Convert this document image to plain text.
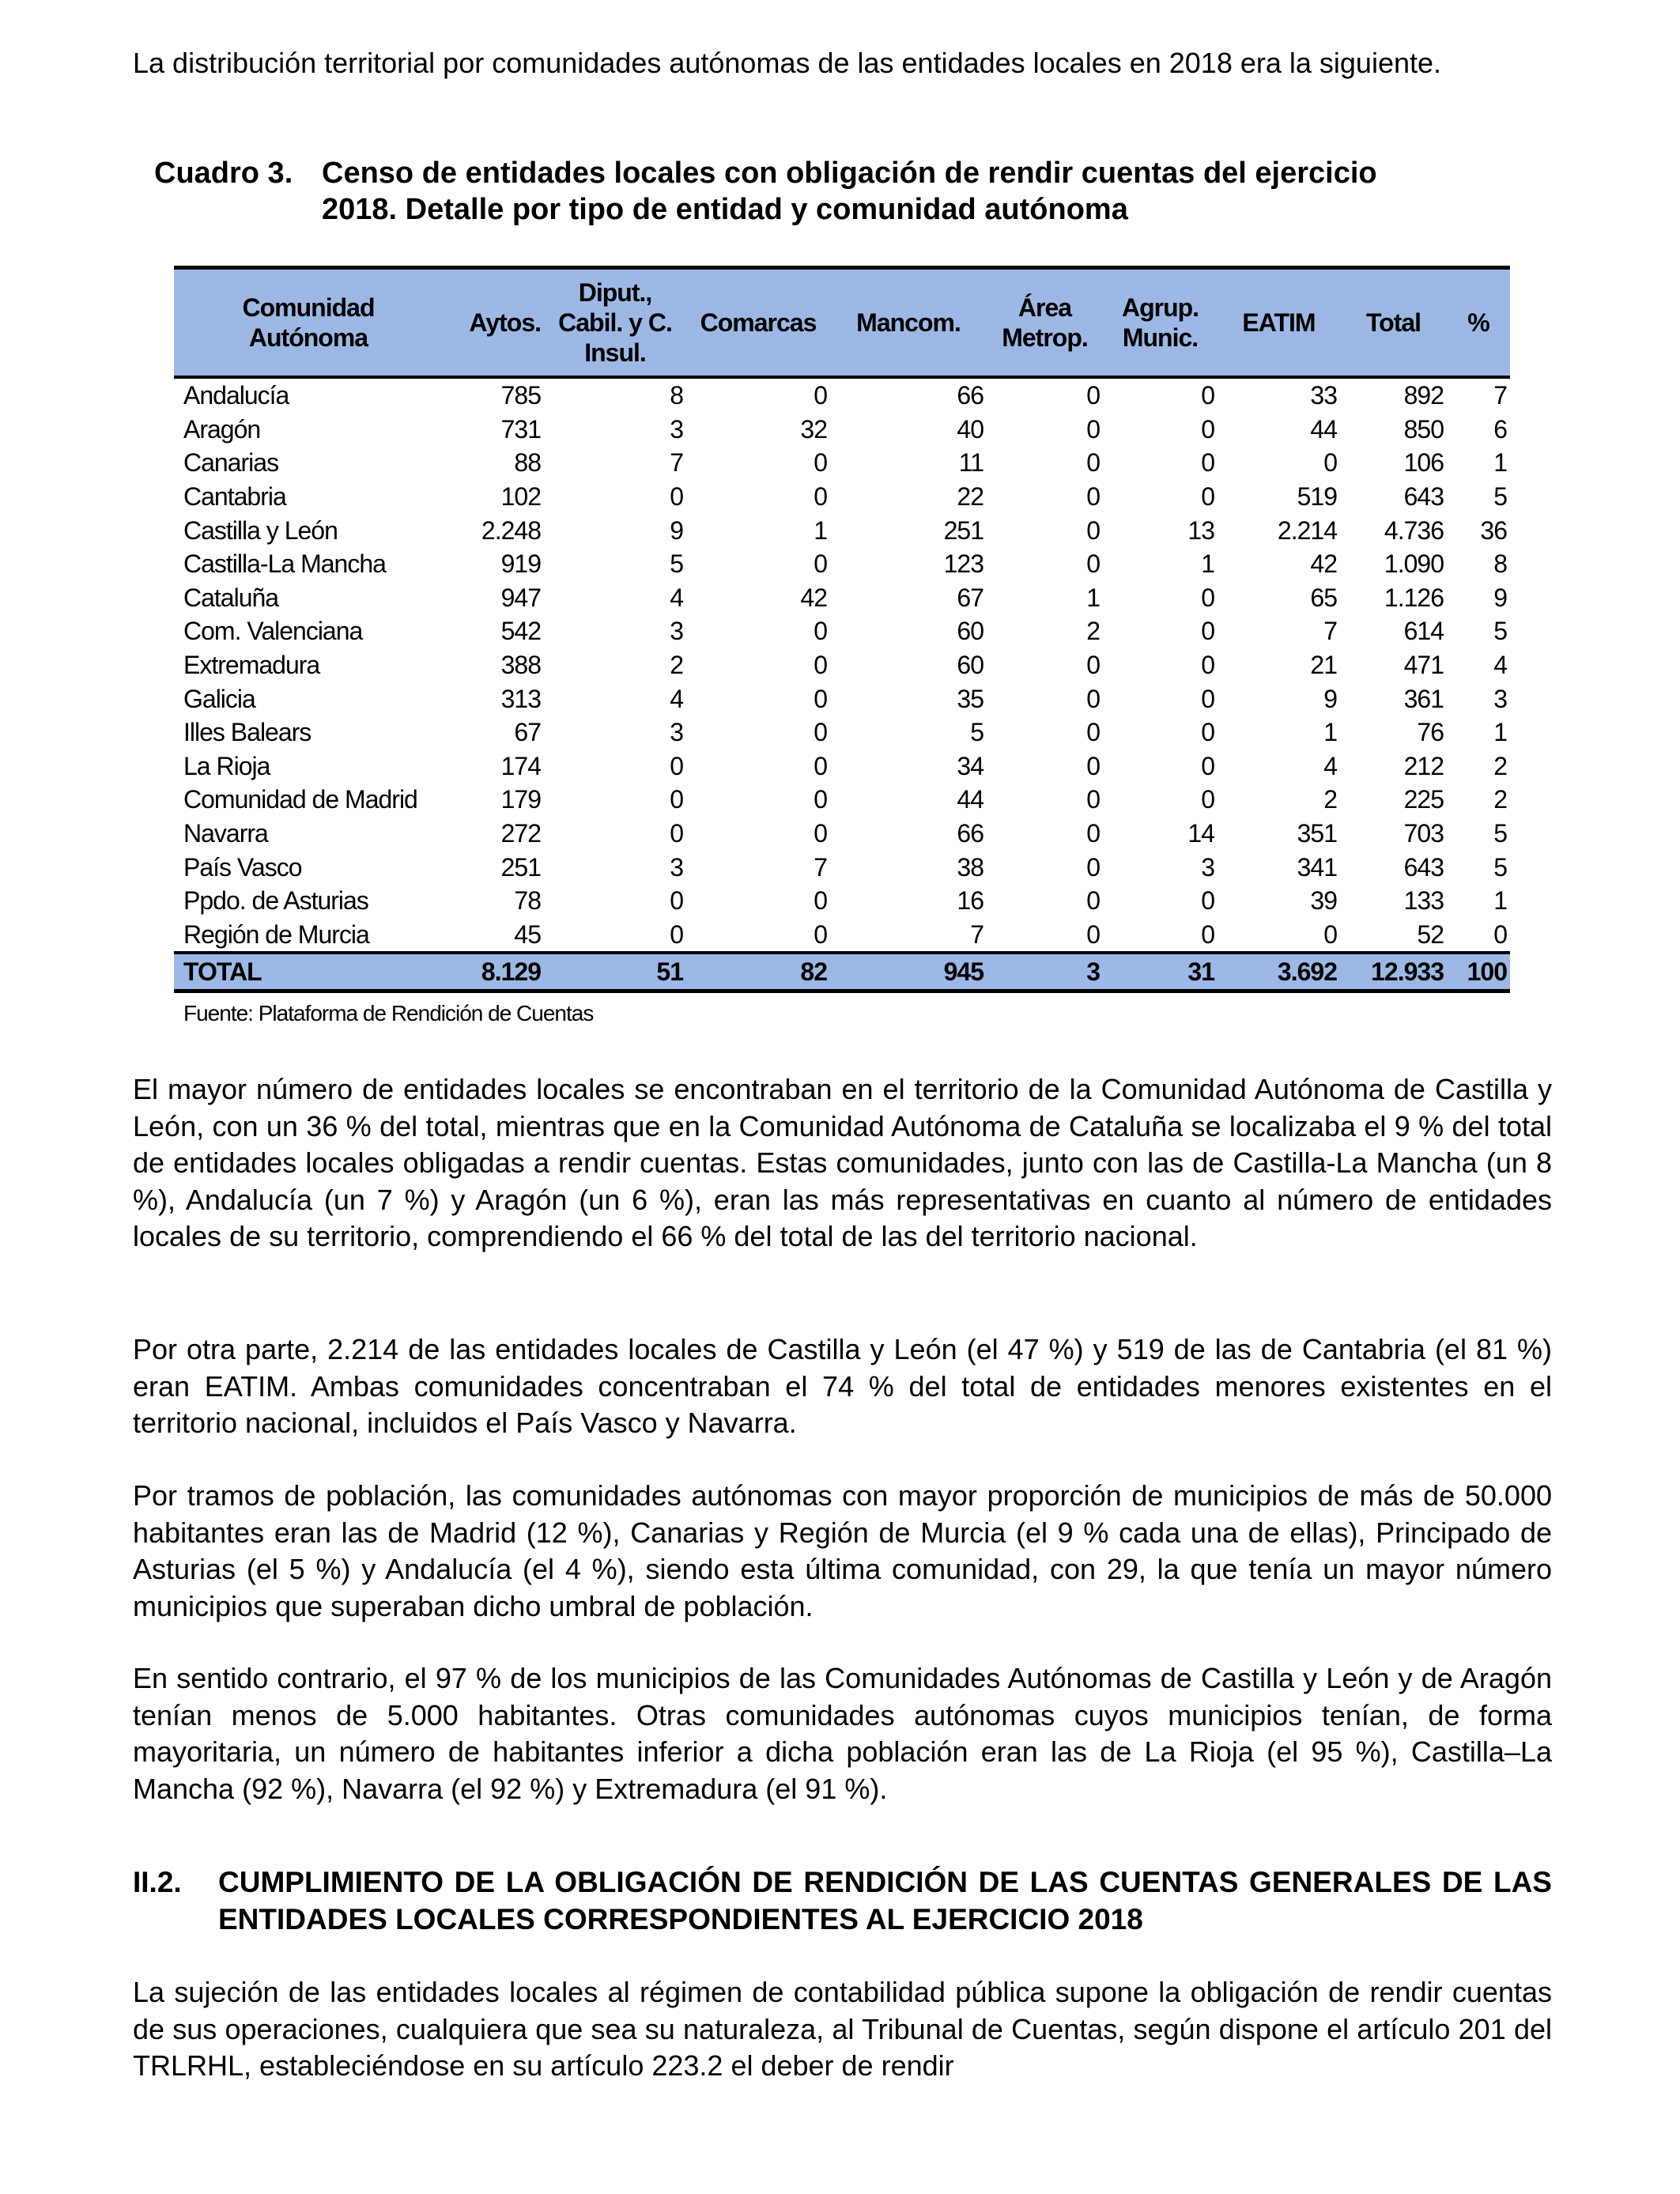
La distribución territorial por comunidades autónomas de las entidades locales en 2018 era la siguiente.

Cuadro 3. Censo de entidades locales con obligación de rendir cuentas del ejercicio
2018. Detalle por tipo de entidad y comunidad autónoma
Comunidad Autónoma	Aytos.	Diput., Cabil. y C. Insul.	Comarcas	Mancom.	Área Metrop.	Agrup. Munic.	EATIM	Total	%
Andalucía	785	8	0	66	0	0	33	892	7
Aragón	731	3	32	40	0	0	44	850	6
Canarias	88	7	0	11	0	0	0	106	1
Cantabria	102	0	0	22	0	0	519	643	5
Castilla y León	2.248	9	1	251	0	13	2.214	4.736	36
Castilla-La Mancha	919	5	0	123	0	1	42	1.090	8
Cataluña	947	4	42	67	1	0	65	1.126	9
Com. Valenciana	542	3	0	60	2	0	7	614	5
Extremadura	388	2	0	60	0	0	21	471	4
Galicia	313	4	0	35	0	0	9	361	3
Illes Balears	67	3	0	5	0	0	1	76	1
La Rioja	174	0	0	34	0	0	4	212	2
Comunidad de Madrid	179	0	0	44	0	0	2	225	2
Navarra	272	0	0	66	0	14	351	703	5
País Vasco	251	3	7	38	0	3	341	643	5
Ppdo. de Asturias	78	0	0	16	0	0	39	133	1
Región de Murcia	45	0	0	7	0	0	0	52	0
TOTAL	8.129	51	82	945	3	31	3.692	12.933	100
Fuente: Plataforma de Rendición de Cuentas

El mayor número de entidades locales se encontraban en el territorio de la Comunidad Autónoma de Castilla y León, con un 36 % del total, mientras que en la Comunidad Autónoma de Cataluña se localizaba el 9 % del total de entidades locales obligadas a rendir cuentas. Estas comunidades, junto con las de Castilla-La Mancha (un 8 %), Andalucía (un 7 %) y Aragón (un 6 %), eran las más representativas en cuanto al número de entidades locales de su territorio, comprendiendo el 66 % del total de las del territorio nacional.

Por otra parte, 2.214 de las entidades locales de Castilla y León (el 47 %) y 519 de las de Cantabria (el 81 %) eran EATIM. Ambas comunidades concentraban el 74 % del total de entidades menores existentes en el territorio nacional, incluidos el País Vasco y Navarra.

Por tramos de población, las comunidades autónomas con mayor proporción de municipios de más de 50.000 habitantes eran las de Madrid (12 %), Canarias y Región de Murcia (el 9 % cada una de ellas), Principado de Asturias (el 5 %) y Andalucía (el 4 %), siendo esta última comunidad, con 29, la que tenía un mayor número municipios que superaban dicho umbral de población.

En sentido contrario, el 97 % de los municipios de las Comunidades Autónomas de Castilla y León y de Aragón tenían menos de 5.000 habitantes. Otras comunidades autónomas cuyos municipios tenían, de forma mayoritaria, un número de habitantes inferior a dicha población eran las de La Rioja (el 95 %), Castilla–La Mancha (92 %), Navarra (el 92 %) y Extremadura (el 91 %).

II.2. CUMPLIMIENTO DE LA OBLIGACIÓN DE RENDICIÓN DE LAS CUENTAS GENERALES DE LAS ENTIDADES LOCALES CORRESPONDIENTES AL EJERCICIO 2018

La sujeción de las entidades locales al régimen de contabilidad pública supone la obligación de rendir cuentas de sus operaciones, cualquiera que sea su naturaleza, al Tribunal de Cuentas, según dispone el artículo 201 del TRLRHL, estableciéndose en su artículo 223.2 el deber de rendir
